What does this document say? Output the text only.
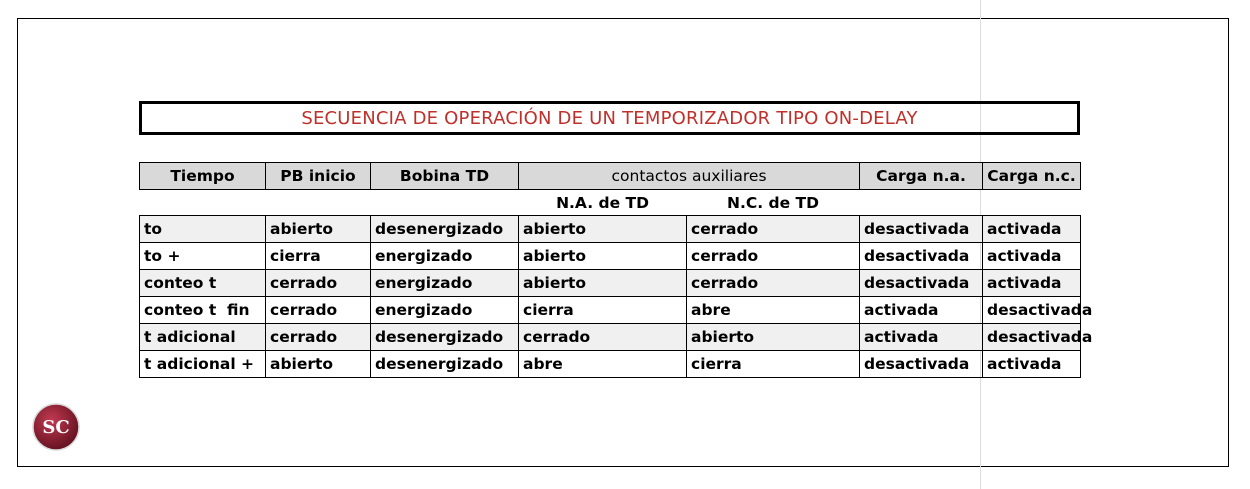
SECUENCIA DE OPERACIÓN DE UN TEMPORIZADOR TIPO ON-DELAY
Tiempo	PB inicio	Bobina TD	contactos auxiliares		Carga n.a.	Carga n.c.
			N.A. de TD	N.C. de TD		
to	abierto	desenergizado	abierto	cerrado	desactivada	activada
to +	cierra	energizado	abierto	cerrado	desactivada	activada
conteo t	cerrado	energizado	abierto	cerrado	desactivada	activada
conteo t  fin	cerrado	energizado	cierra	abre	activada	desactivada
t adicional	cerrado	desenergizado	cerrado	abierto	activada	desactivada
t adicional +	abierto	desenergizado	abre	cierra	desactivada	activada
SC
